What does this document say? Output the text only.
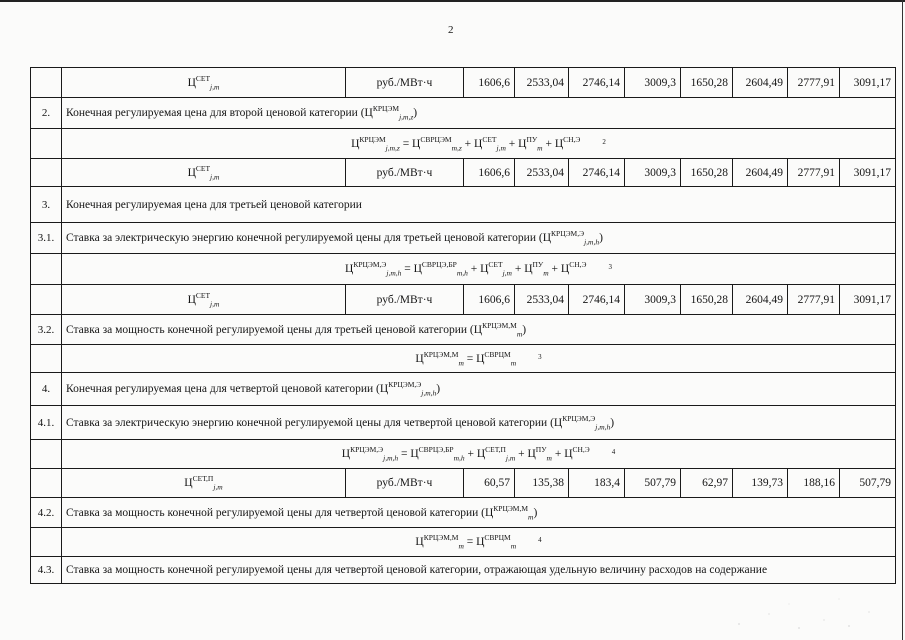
2
	$Ц^{СЕТ}_{j,m}$	руб./МВт·ч	1606,6	2533,04	2746,14	3009,3	1650,28	2604,49	2777,91	3091,17
2.	Конечная регулируемая цена для второй ценовой категории $(Ц^{КРЦЭМ}_{j,m,z})$									
	$Ц^{КРЦЭМ}_{j,m,z} = Ц^{СВРЦЭМ}_{m,z} + Ц^{СЕТ}_{j,m} + Ц^{ПУ}_m + Ц^{СН,Э}$ $^2$
	$Ц^{СЕТ}_{j,m}$	руб./МВт·ч	1606,6	2533,04	2746,14	3009,3	1650,28	2604,49	2777,91	3091,17
3.	Конечная регулируемая цена для третьей ценовой категории									
3.1.	Ставка за электрическую энергию конечной регулируемой цены для третьей ценовой категории $(Ц^{КРЦЭМ,Э}_{j,m,h})$									
	$Ц^{КРЦЭМ,Э}_{j,m,h} = Ц^{СВРЦЭ,БР}_{m,h} + Ц^{СЕТ}_{j,m} + Ц^{ПУ}_m + Ц^{СН,Э}$ $^3$
	$Ц^{СЕТ}_{j,m}$	руб./МВт·ч	1606,6	2533,04	2746,14	3009,3	1650,28	2604,49	2777,91	3091,17
3.2.	Ставка за мощность конечной регулируемой цены для третьей ценовой категории $(Ц^{КРЦЭМ,М}_m)$									
	$Ц^{КРЦЭМ,М}_m = Ц^{СВРЦМ}_m^3$
4.	Конечная регулируемая цена для четвертой ценовой категории $(Ц^{КРЦЭМ,Э}_{j,m,h})$									
4.1.	Ставка за электрическую энергию конечной регулируемой цены для четвертой ценовой категории $(Ц^{КРЦЭМ,Э}_{j,m,h})$									
	$Ц^{КРЦЭМ,Э}_{j,m,h} = Ц^{СВРЦЭ,БР}_{m,h} + Ц^{СЕТ,П}_{j,m} + Ц^{ПУ}_m + Ц^{СН,Э}$ $^4$
	$Ц^{СЕТ,П}_{j,m}$	руб./МВт·ч	60,57	135,38	183,4	507,79	62,97	139,73	188,16	507,79
4.2.	Ставка за мощность конечной регулируемой цены для четвертой ценовой категории $(Ц^{КРЦЭМ,М}_m)$									
	$Ц^{КРЦЭМ,М}_m = Ц^{СВРЦМ}_m^4$
4.3.	Ставка за мощность конечной регулируемой цены для четвертой ценовой категории, отражающая удельную величину расходов на содержание									
